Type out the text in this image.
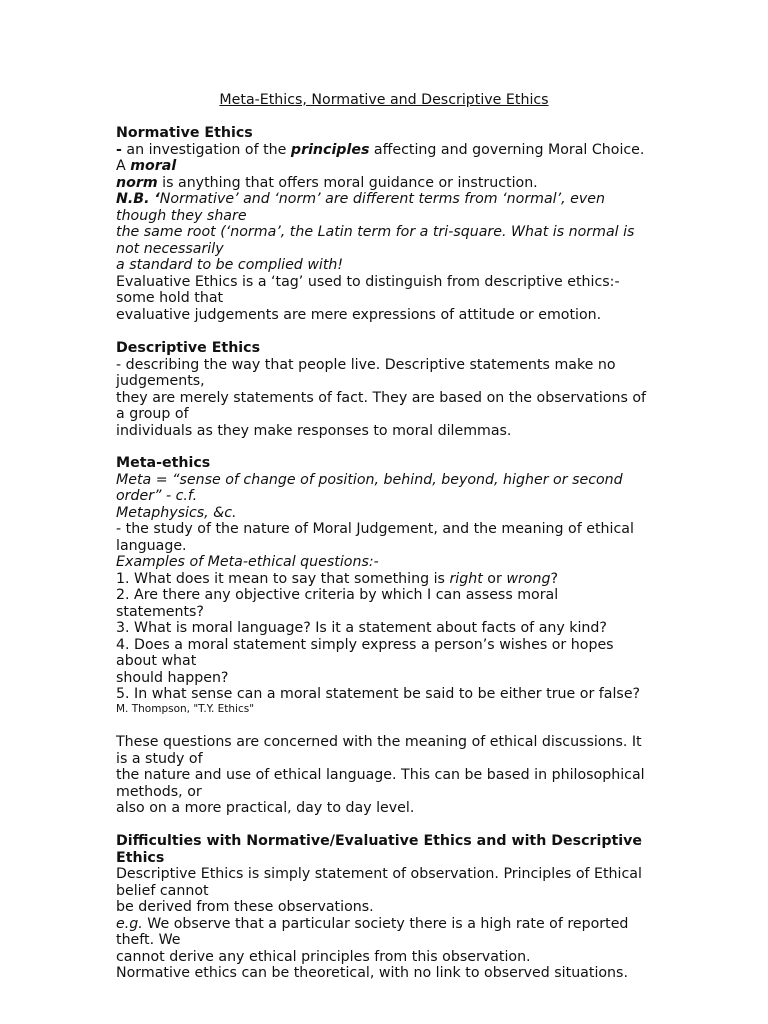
Meta-Ethics, Normative and Descriptive Ethics
Normative Ethics
- an investigation of the principles affecting and governing Moral Choice.
A moral
norm is anything that offers moral guidance or instruction.
N.B. ‘Normative’ and ‘norm’ are different terms from ‘normal’, even
though they share
the same root (‘norma’, the Latin term for a tri-square. What is normal is
not necessarily
a standard to be complied with!
Evaluative Ethics is a ‘tag’ used to distinguish from descriptive ethics:-
some hold that
evaluative judgements are mere expressions of attitude or emotion.
Descriptive Ethics
- describing the way that people live. Descriptive statements make no
judgements,
they are merely statements of fact. They are based on the observations of
a group of
individuals as they make responses to moral dilemmas.
Meta-ethics
Meta = “sense of change of position, behind, beyond, higher or second
order” - c.f.
Metaphysics, &c.
- the study of the nature of Moral Judgement, and the meaning of ethical
language.
Examples of Meta-ethical questions:-
1. What does it mean to say that something is right or wrong?
2. Are there any objective criteria by which I can assess moral
statements?
3. What is moral language? Is it a statement about facts of any kind?
4. Does a moral statement simply express a person’s wishes or hopes
about what
should happen?
5. In what sense can a moral statement be said to be either true or false?
M. Thompson, "T.Y. Ethics"
These questions are concerned with the meaning of ethical discussions. It
is a study of
the nature and use of ethical language. This can be based in philosophical
methods, or
also on a more practical, day to day level.
Difficulties with Normative/Evaluative Ethics and with Descriptive
Ethics
Descriptive Ethics is simply statement of observation. Principles of Ethical
belief cannot
be derived from these observations.
e.g. We observe that a particular society there is a high rate of reported
theft. We
cannot derive any ethical principles from this observation.
Normative ethics can be theoretical, with no link to observed situations.
